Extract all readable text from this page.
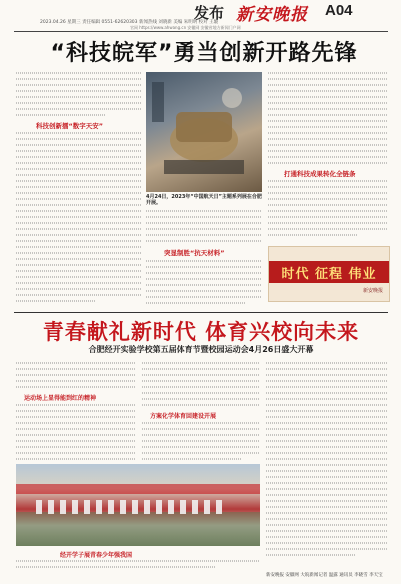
发布 新安晚报 A04
2023.04.26 星期三 责任编辑 0551-62620303 新闻热线 刘晓新 美编 朱明明 校对 王璇
官网 https://www.ahwang.cn 安徽网 安徽省地方新闻门户网
“科技皖军”勇当创新开路先锋
科技创新擂“数字天安”
4月24日，2023年“中国航天日”主题系列展在合肥开展。
突显制胜“抗天材料”
打通科技成果转化全链条
时代 征程 伟业
新安晚报
青春献礼新时代 体育兴校向未来
合肥经开实验学校第五届体育节暨校园运动会4月26日盛大开幕
运动场上显得能到红的精神
方案化学体育回建设开展
经开学子展青春少年强我国
新安晚报 安徽网 大皖新闻记者 温露 通讯员 李晓雪 李天宝
